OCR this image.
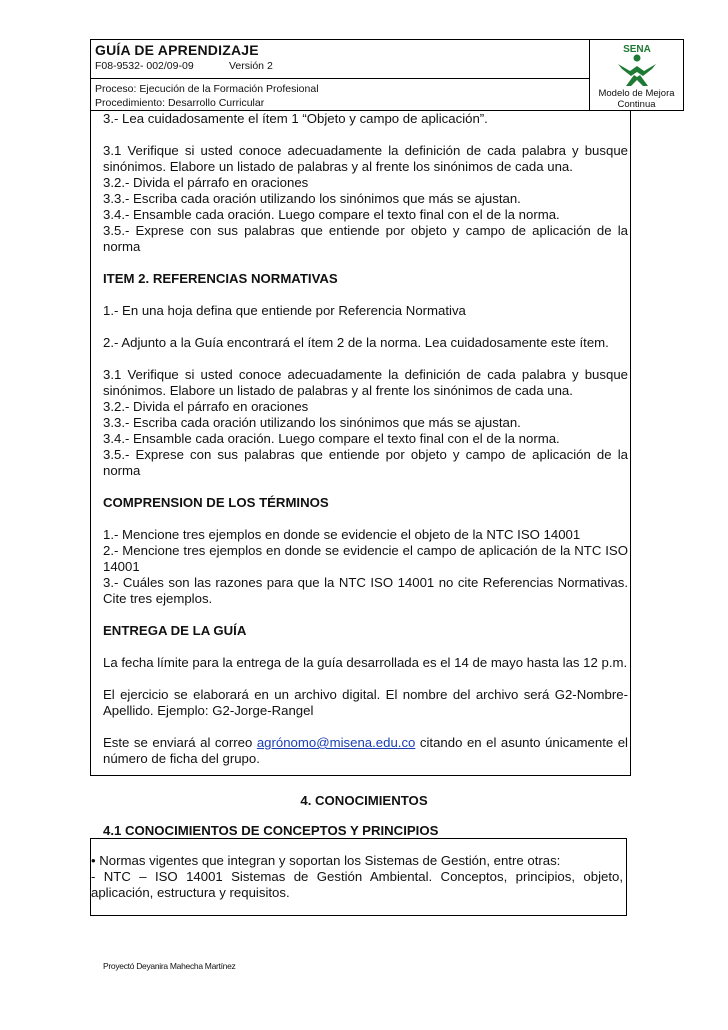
GUÍA DE APRENDIZAJE
F08-9532- 002/09-09	Versión 2
Proceso: Ejecución de la Formación Profesional
Procedimiento: Desarrollo Curricular
SENA
Modelo de Mejora
Continua

3.- Lea cuidadosamente el ítem 1 “Objeto y campo de aplicación”.

3.1 Verifique si usted conoce adecuadamente la definición de cada palabra y busque sinónimos. Elabore un listado de palabras y al frente los sinónimos de cada una.

3.2.- Divida el párrafo en oraciones

3.3.- Escriba cada oración utilizando los sinónimos que más se ajustan.

3.4.- Ensamble cada oración. Luego compare el texto final con el de la norma.

3.5.- Exprese con sus palabras que entiende por objeto y campo de aplicación de la norma

ITEM 2. REFERENCIAS NORMATIVAS

1.- En una hoja defina que entiende por Referencia Normativa

2.- Adjunto a la Guía encontrará el ítem 2 de la norma. Lea cuidadosamente este ítem.

3.1 Verifique si usted conoce adecuadamente la definición de cada palabra y busque sinónimos. Elabore un listado de palabras y al frente los sinónimos de cada una.

3.2.- Divida el párrafo en oraciones

3.3.- Escriba cada oración utilizando los sinónimos que más se ajustan.

3.4.- Ensamble cada oración. Luego compare el texto final con el de la norma.

3.5.- Exprese con sus palabras que entiende por objeto y campo de aplicación de la norma

COMPRENSION DE LOS TÉRMINOS

1.- Mencione tres ejemplos en donde se evidencie el objeto de la NTC ISO 14001

2.- Mencione tres ejemplos en donde se evidencie el campo de aplicación de la NTC ISO 14001

3.- Cuáles son las razones para que la NTC ISO 14001 no cite Referencias Normativas. Cite tres ejemplos.

ENTREGA DE LA GUÍA

La fecha límite para la entrega de la guía desarrollada es el 14 de mayo hasta las 12 p.m.

El ejercicio se elaborará en un archivo digital. El nombre del archivo será G2-Nombre-Apellido. Ejemplo: G2-Jorge-Rangel

Este se enviará al correo agrónomo@misena.edu.co citando en el asunto únicamente el número de ficha del grupo.

4. CONOCIMIENTOS
4.1 CONOCIMIENTOS DE CONCEPTOS Y PRINCIPIOS

• Normas vigentes que integran y soportan los Sistemas de Gestión, entre otras:

- NTC – ISO 14001 Sistemas de Gestión Ambiental. Conceptos, principios, objeto, aplicación, estructura y requisitos.

Proyectó Deyanira Mahecha Martínez
